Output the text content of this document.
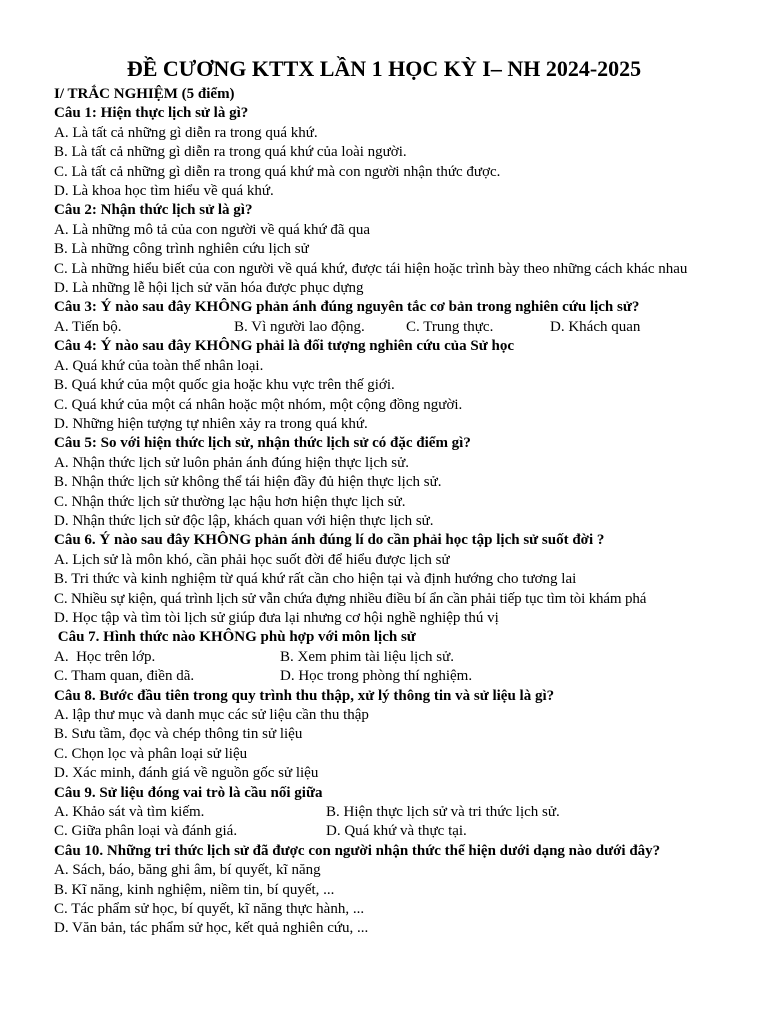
ĐỀ CƯƠNG KTTX LẦN 1 HỌC KỲ I– NH 2024-2025
I/ TRẮC NGHIỆM (5 điểm)
Câu 1: Hiện thực lịch sử là gì?
A. Là tất cả những gì diễn ra trong quá khứ.
B. Là tất cả những gì diễn ra trong quá khứ của loài người.
C. Là tất cả những gì diễn ra trong quá khứ mà con người nhận thức được.
D. Là khoa học tìm hiểu về quá khứ.
Câu 2: Nhận thức lịch sử là gì?
A. Là những mô tả của con người về quá khứ đã qua
B. Là những công trình nghiên cứu lịch sử
C. Là những hiểu biết của con người về quá khứ, được tái hiện hoặc trình bày theo những cách khác nhau
D. Là những lễ hội lịch sử văn hóa được phục dựng
Câu 3: Ý nào sau đây KHÔNG phản ánh đúng nguyên tắc cơ bản trong nghiên cứu lịch sử?
A. Tiến bộ.	B. Vì người lao động.	C. Trung thực.	D. Khách quan
Câu 4: Ý nào sau đây KHÔNG phải là đối tượng nghiên cứu của Sử học
A. Quá khứ của toàn thể nhân loại.
B. Quá khứ của một quốc gia hoặc khu vực trên thế giới.
C. Quá khứ của một cá nhân hoặc một nhóm, một cộng đồng người.
D. Những hiện tượng tự nhiên xảy ra trong quá khứ.
Câu 5: So với hiện thức lịch sử, nhận thức lịch sử có đặc điểm gì?
A. Nhận thức lịch sử luôn phản ánh đúng hiện thực lịch sử.
B. Nhận thức lịch sử không thể tái hiện đầy đủ hiện thực lịch sử.
C. Nhận thức lịch sử thường lạc hậu hơn hiện thực lịch sử.
D. Nhận thức lịch sử độc lập, khách quan với hiện thực lịch sử.
Câu 6. Ý nào sau đây KHÔNG phản ánh đúng lí do cần phải học tập lịch sử suốt đời ?
A. Lịch sử là môn khó, cần phải học suốt đời để hiểu được lịch sử
B. Tri thức và kinh nghiệm từ quá khứ rất cần cho hiện tại và định hướng cho tương lai
C. Nhiều sự kiện, quá trình lịch sử vẫn chứa đựng nhiều điều bí ẩn cần phải tiếp tục tìm tòi khám phá
D. Học tập và tìm tòi lịch sử giúp đưa lại nhưng cơ hội nghề nghiệp thú vị
Câu 7. Hình thức nào KHÔNG phù hợp với môn lịch sử
A.  Học trên lớp.	B. Xem phim tài liệu lịch sử.
C. Tham quan, điền dã.	D. Học trong phòng thí nghiệm.
Câu 8. Bước đầu tiên trong quy trình thu thập, xử lý thông tin và sử liệu là gì?
A. lập thư mục và danh mục các sử liệu cần thu thập
B. Sưu tầm, đọc và chép thông tin sử liệu
C. Chọn lọc và phân loại sử liệu
D. Xác minh, đánh giá về nguồn gốc sử liệu
Câu 9. Sử liệu đóng vai trò là cầu nối giữa
A. Khảo sát và tìm kiếm.	B. Hiện thực lịch sử và tri thức lịch sử.
C. Giữa phân loại và đánh giá.	D. Quá khứ và thực tại.
Câu 10. Những tri thức lịch sử đã được con người nhận thức thể hiện dưới dạng nào dưới đây?
A. Sách, báo, băng ghi âm, bí quyết, kĩ năng
B. Kĩ năng, kinh nghiệm, niềm tin, bí quyết, ...
C. Tác phẩm sử học, bí quyết, kĩ năng thực hành, ...
D. Văn bản, tác phẩm sử học, kết quả nghiên cứu, ...
